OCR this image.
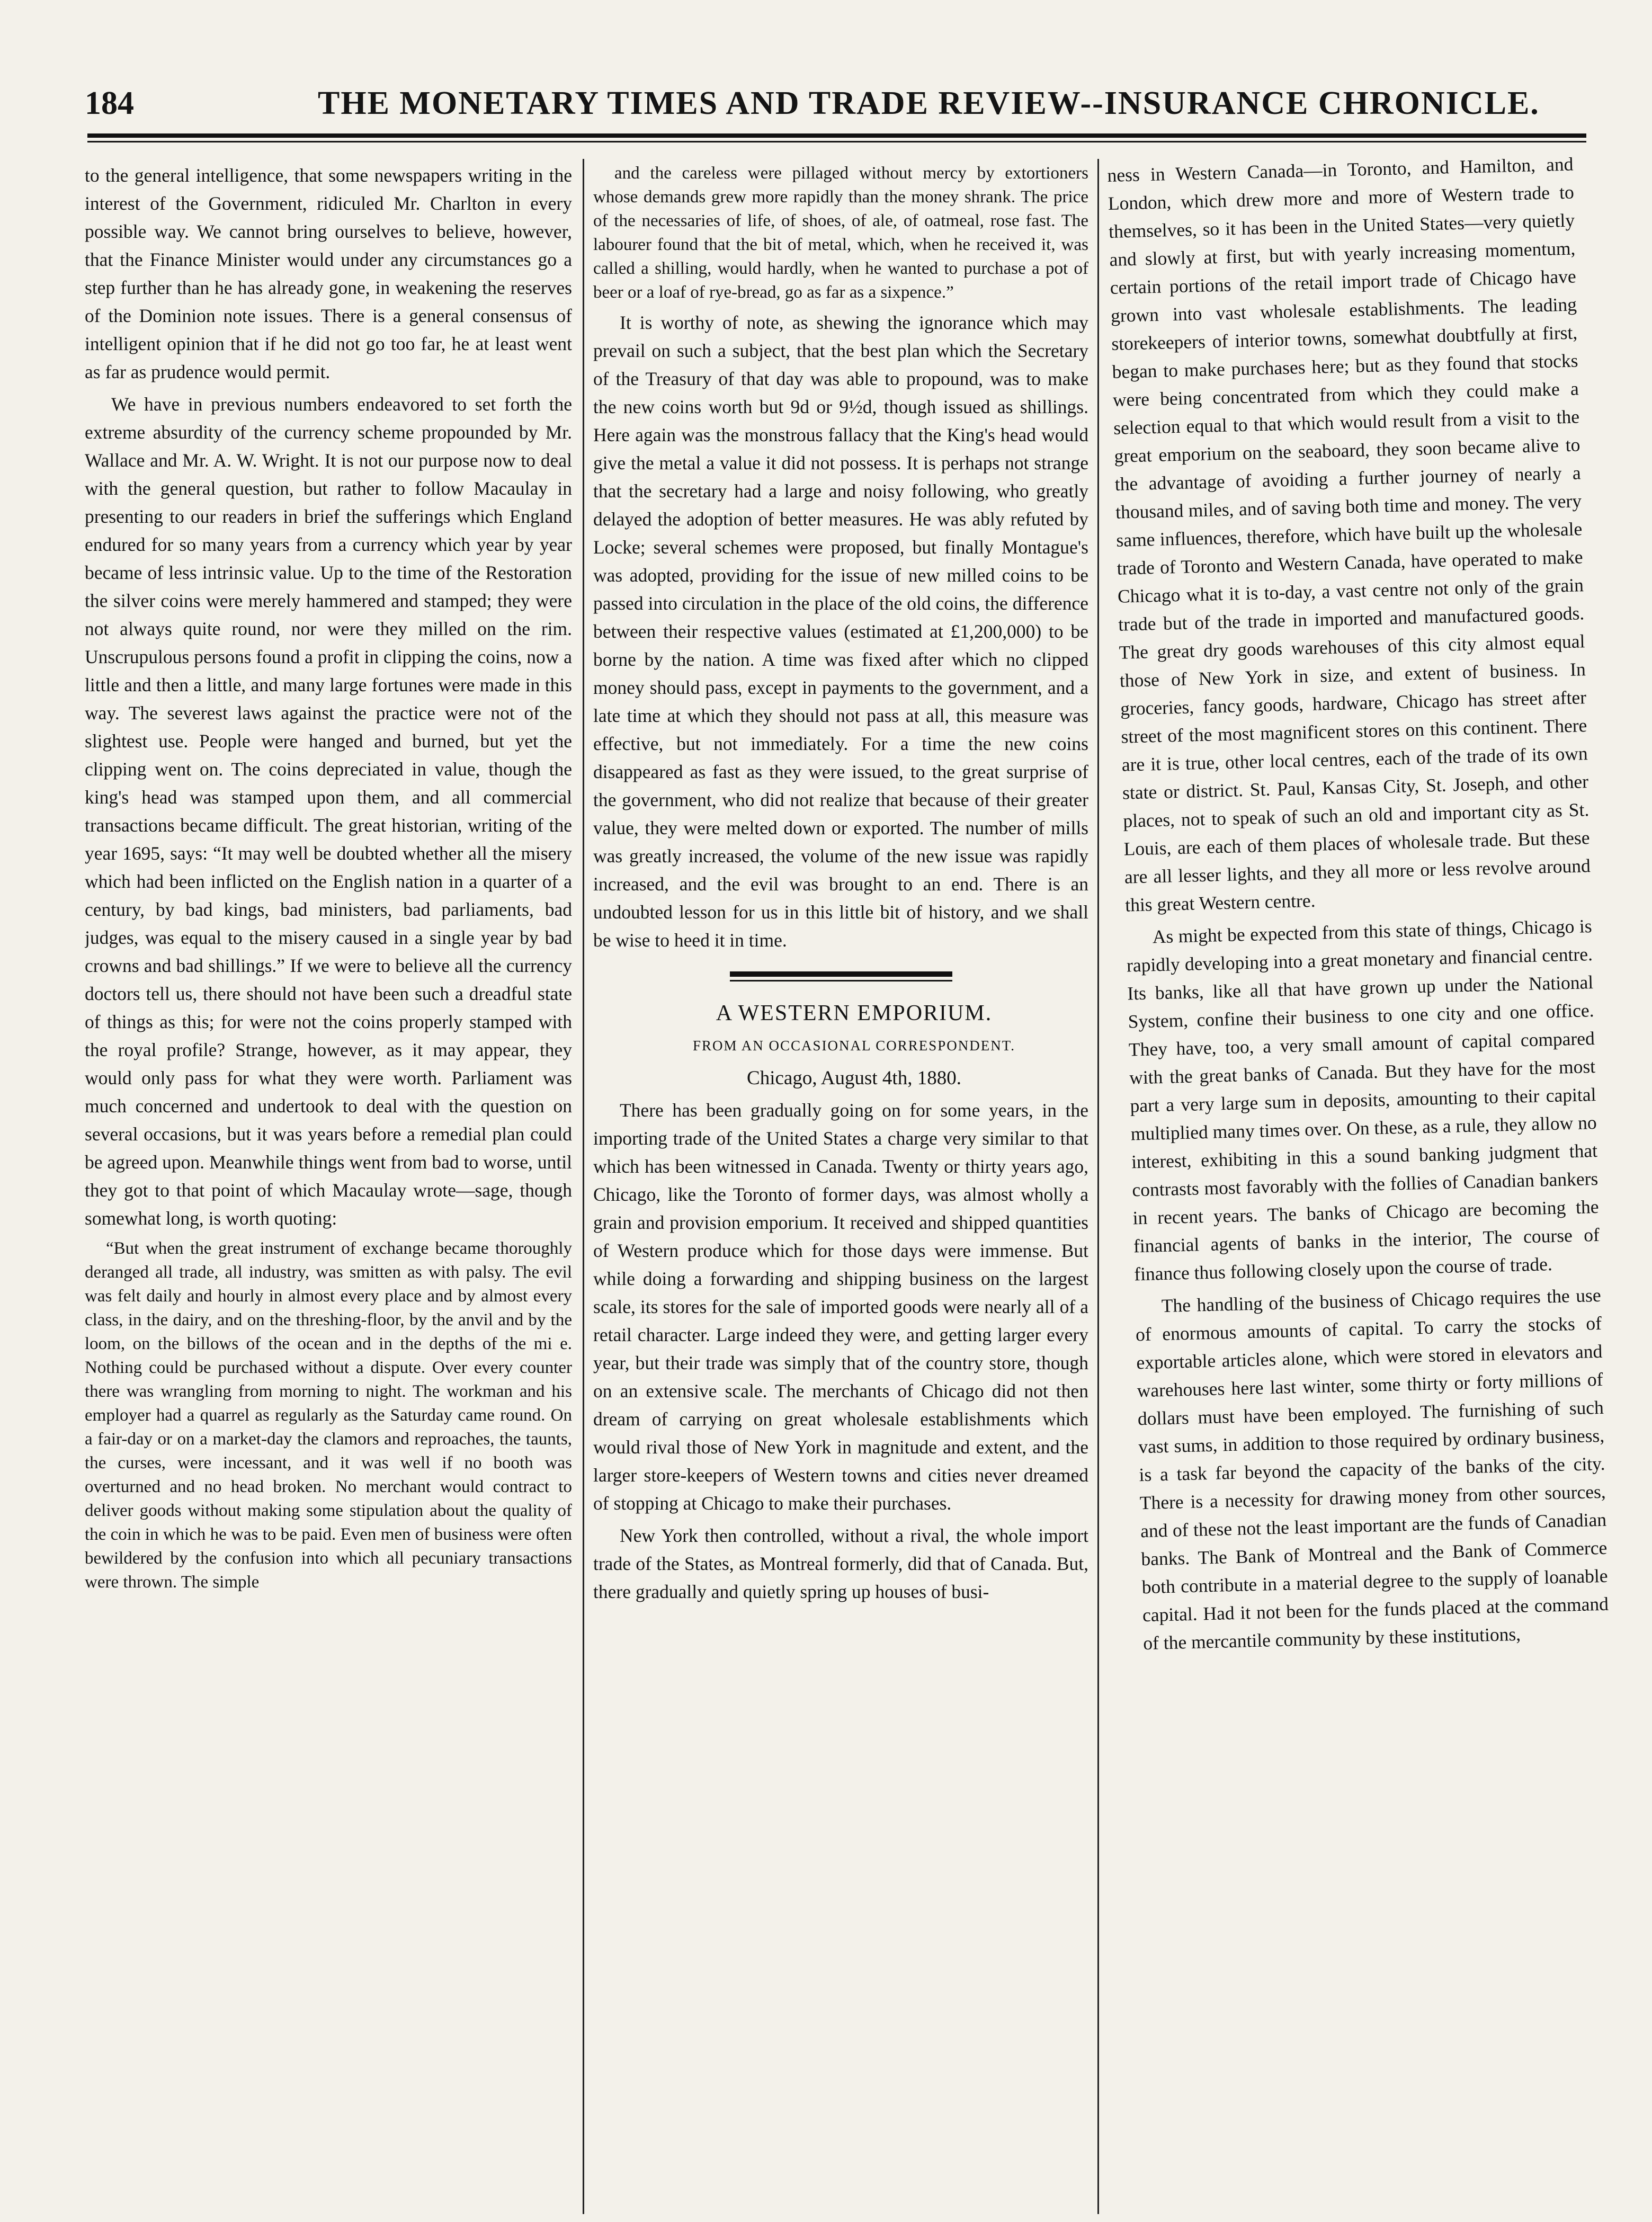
184	THE MONETARY TIMES AND TRADE REVIEW--INSURANCE CHRONICLE.

to the general intelligence, that some newspapers writing in the interest of the Government, ridiculed Mr. Charlton in every possible way. We cannot bring ourselves to believe, however, that the Finance Minister would under any circumstances go a step further than he has already gone, in weakening the reserves of the Dominion note issues. There is a general consensus of intelligent opinion that if he did not go too far, he at least went as far as prudence would permit.

We have in previous numbers endeavored to set forth the extreme absurdity of the currency scheme propounded by Mr. Wallace and Mr. A. W. Wright. It is not our purpose now to deal with the general question, but rather to follow Macaulay in presenting to our readers in brief the sufferings which England endured for so many years from a currency which year by year became of less intrinsic value. Up to the time of the Restoration the silver coins were merely hammered and stamped; they were not always quite round, nor were they milled on the rim. Unscrupulous persons found a profit in clipping the coins, now a little and then a little, and many large fortunes were made in this way. The severest laws against the practice were not of the slightest use. People were hanged and burned, but yet the clipping went on. The coins depreciated in value, though the king's head was stamped upon them, and all commercial transactions became difficult. The great historian, writing of the year 1695, says: “It may well be doubted whether all the misery which had been inflicted on the English nation in a quarter of a century, by bad kings, bad ministers, bad parliaments, bad judges, was equal to the misery caused in a single year by bad crowns and bad shillings.” If we were to believe all the currency doctors tell us, there should not have been such a dreadful state of things as this; for were not the coins properly stamped with the royal profile? Strange, however, as it may appear, they would only pass for what they were worth. Parliament was much concerned and undertook to deal with the question on several occasions, but it was years before a remedial plan could be agreed upon. Meanwhile things went from bad to worse, until they got to that point of which Macaulay wrote—sage, though somewhat long, is worth quoting:

“But when the great instrument of exchange became thoroughly deranged all trade, all industry, was smitten as with palsy. The evil was felt daily and hourly in almost every place and by almost every class, in the dairy, and on the threshing-floor, by the anvil and by the loom, on the billows of the ocean and in the depths of the mi e. Nothing could be purchased without a dispute. Over every counter there was wrangling from morning to night. The workman and his employer had a quarrel as regularly as the Saturday came round. On a fair-day or on a market-day the clamors and reproaches, the taunts, the curses, were incessant, and it was well if no booth was overturned and no head broken. No merchant would contract to deliver goods without making some stipulation about the quality of the coin in which he was to be paid. Even men of business were often bewildered by the confusion into which all pecuniary transactions were thrown. The simple

and the careless were pillaged without mercy by extortioners whose demands grew more rapidly than the money shrank. The price of the necessaries of life, of shoes, of ale, of oatmeal, rose fast. The labourer found that the bit of metal, which, when he received it, was called a shilling, would hardly, when he wanted to purchase a pot of beer or a loaf of rye-bread, go as far as a sixpence.”

It is worthy of note, as shewing the ignorance which may prevail on such a subject, that the best plan which the Secretary of the Treasury of that day was able to propound, was to make the new coins worth but 9d or 9½d, though issued as shillings. Here again was the monstrous fallacy that the King's head would give the metal a value it did not possess. It is perhaps not strange that the secretary had a large and noisy following, who greatly delayed the adoption of better measures. He was ably refuted by Locke; several schemes were proposed, but finally Montague's was adopted, providing for the issue of new milled coins to be passed into circulation in the place of the old coins, the difference between their respective values (estimated at £1,200,000) to be borne by the nation. A time was fixed after which no clipped money should pass, except in payments to the government, and a late time at which they should not pass at all, this measure was effective, but not immediately. For a time the new coins disappeared as fast as they were issued, to the great surprise of the government, who did not realize that because of their greater value, they were melted down or exported. The number of mills was greatly increased, the volume of the new issue was rapidly increased, and the evil was brought to an end. There is an undoubted lesson for us in this little bit of history, and we shall be wise to heed it in time.

A WESTERN EMPORIUM.

FROM AN OCCASIONAL CORRESPONDENT.

Chicago, August 4th, 1880.

There has been gradually going on for some years, in the importing trade of the United States a charge very similar to that which has been witnessed in Canada. Twenty or thirty years ago, Chicago, like the Toronto of former days, was almost wholly a grain and provision emporium. It received and shipped quantities of Western produce which for those days were immense. But while doing a forwarding and shipping business on the largest scale, its stores for the sale of imported goods were nearly all of a retail character. Large indeed they were, and getting larger every year, but their trade was simply that of the country store, though on an extensive scale. The merchants of Chicago did not then dream of carrying on great wholesale establishments which would rival those of New York in magnitude and extent, and the larger store-keepers of Western towns and cities never dreamed of stopping at Chicago to make their purchases.

New York then controlled, without a rival, the whole import trade of the States, as Montreal formerly, did that of Canada. But, there gradually and quietly spring up houses of busi-

ness in Western Canada—in Toronto, and Hamilton, and London, which drew more and more of Western trade to themselves, so it has been in the United States—very quietly and slowly at first, but with yearly increasing momentum, certain portions of the retail import trade of Chicago have grown into vast wholesale establishments. The leading storekeepers of interior towns, somewhat doubtfully at first, began to make purchases here; but as they found that stocks were being concentrated from which they could make a selection equal to that which would result from a visit to the great emporium on the seaboard, they soon became alive to the advantage of avoiding a further journey of nearly a thousand miles, and of saving both time and money. The very same influences, therefore, which have built up the wholesale trade of Toronto and Western Canada, have operated to make Chicago what it is to-day, a vast centre not only of the grain trade but of the trade in imported and manufactured goods. The great dry goods warehouses of this city almost equal those of New York in size, and extent of business. In groceries, fancy goods, hardware, Chicago has street after street of the most magnificent stores on this continent. There are it is true, other local centres, each of the trade of its own state or district. St. Paul, Kansas City, St. Joseph, and other places, not to speak of such an old and important city as St. Louis, are each of them places of wholesale trade. But these are all lesser lights, and they all more or less revolve around this great Western centre.

As might be expected from this state of things, Chicago is rapidly developing into a great monetary and financial centre. Its banks, like all that have grown up under the National System, confine their business to one city and one office. They have, too, a very small amount of capital compared with the great banks of Canada. But they have for the most part a very large sum in deposits, amounting to their capital multiplied many times over. On these, as a rule, they allow no interest, exhibiting in this a sound banking judgment that contrasts most favorably with the follies of Canadian bankers in recent years. The banks of Chicago are becoming the financial agents of banks in the interior, The course of finance thus following closely upon the course of trade.

The handling of the business of Chicago requires the use of enormous amounts of capital. To carry the stocks of exportable articles alone, which were stored in elevators and warehouses here last winter, some thirty or forty millions of dollars must have been employed. The furnishing of such vast sums, in addition to those required by ordinary business, is a task far beyond the capacity of the banks of the city. There is a necessity for drawing money from other sources, and of these not the least important are the funds of Canadian banks. The Bank of Montreal and the Bank of Commerce both contribute in a material degree to the supply of loanable capital. Had it not been for the funds placed at the command of the mercantile community by these institutions,
